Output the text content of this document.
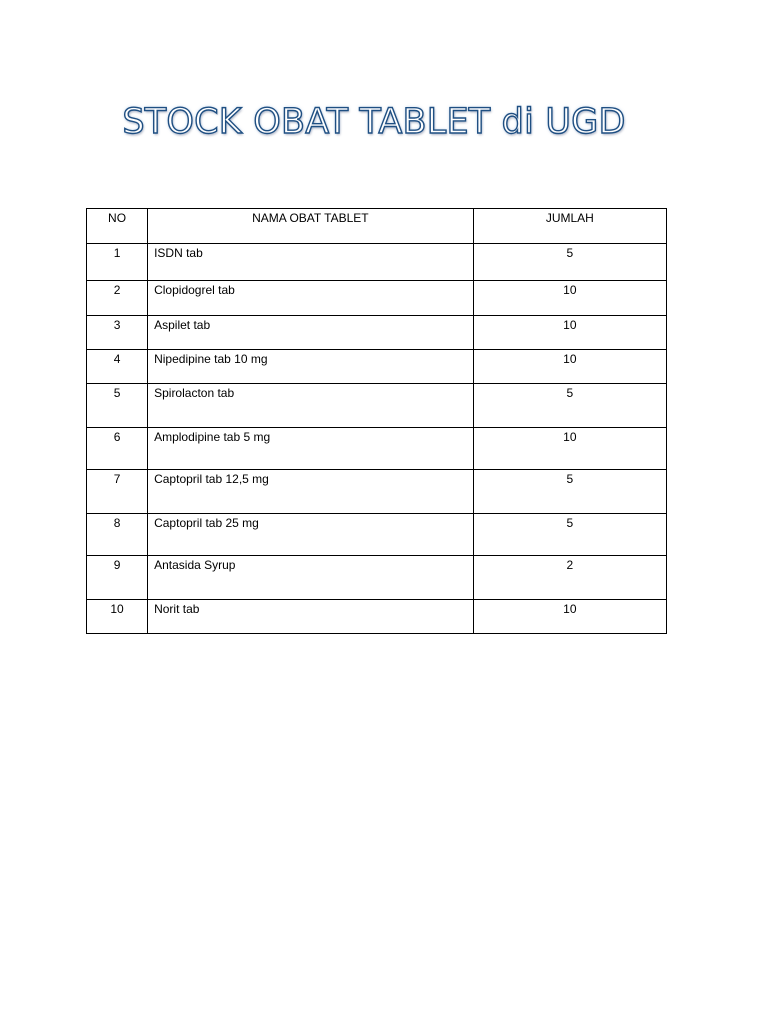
STOCK OBAT TABLET di UGD
NO	NAMA OBAT TABLET	JUMLAH
1	ISDN tab	5
2	Clopidogrel tab	10
3	Aspilet tab	10
4	Nipedipine tab 10 mg	10
5	Spirolacton tab	5
6	Amplodipine tab 5 mg	10
7	Captopril tab 12,5 mg	5
8	Captopril tab 25 mg	5
9	Antasida Syrup	2
10	Norit tab	10
